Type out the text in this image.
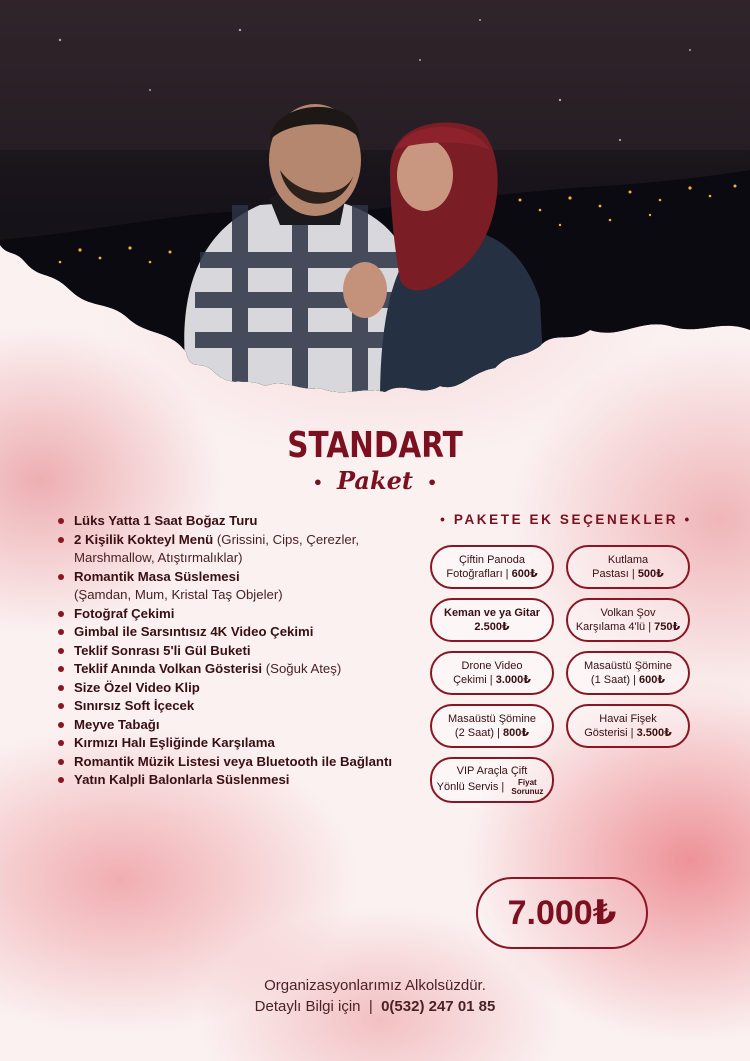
STANDART
• Paket •
Lüks Yatta 1 Saat Boğaz Turu
2 Kişilik Kokteyl Menü (Grissini, Cips, Çerezler,
Marshmallow, Atıştırmalıklar)
Romantik Masa Süslemesi
(Şamdan, Mum, Kristal Taş Objeler)
Fotoğraf Çekimi
Gimbal ile Sarsıntısız 4K Video Çekimi
Teklif Sonrası 5'li Gül Buketi
Teklif Anında Volkan Gösterisi (Soğuk Ateş)
Size Özel Video Klip
Sınırsız Soft İçecek
Meyve Tabağı
Kırmızı Halı Eşliğinde Karşılama
Romantik Müzik Listesi veya Bluetooth ile Bağlantı
Yatın Kalpli Balonlarla Süslenmesi
• PAKETE EK SEÇENEKLER •
Çiftin Panoda
Fotoğrafları | 600₺
Kutlama
Pastası | 500₺
Keman ve ya Gitar
2.500₺
Volkan Şov
Karşılama 4'lü | 750₺
Drone Video
Çekimi | 3.000₺
Masaüstü Şömine
(1 Saat) | 600₺
Masaüstü Şömine
(2 Saat) | 800₺
Havai Fişek
Gösterisi | 3.500₺
VIP Araçla Çift
Yönlü Servis | Fiyat Sorunuz
7.000₺
Organizasyonlarımız Alkolsüzdür.
Detaylı Bilgi için  |  0(532) 247 01 85
